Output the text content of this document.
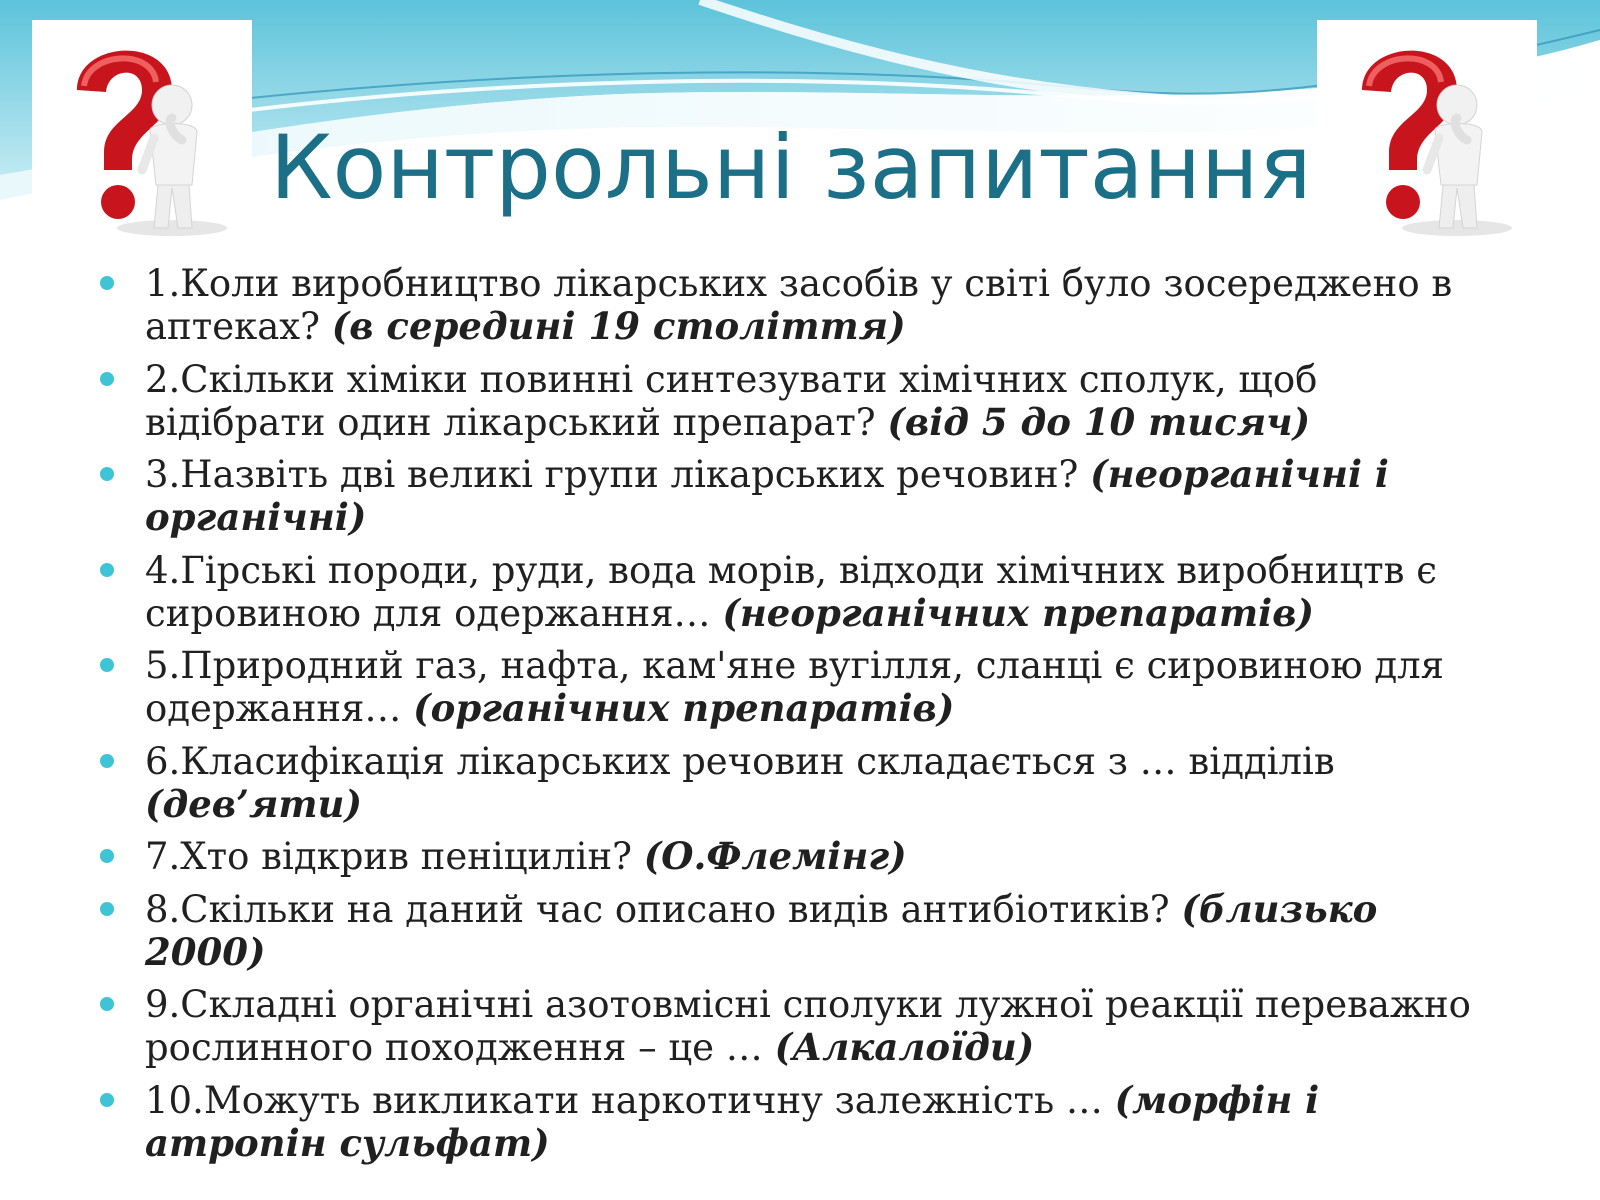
Контрольні запитання
1.Коли виробництво лікарських засобів у світі було зосереджено в аптеках? (в середині 19 століття)
2.Скільки хіміки повинні синтезувати хімічних сполук, щоб відібрати один лікарський препарат? (від 5 до 10 тисяч)
3.Назвіть дві великі групи лікарських речовин? (неорганічні і органічні)
4.Гірські породи, руди, вода морів, відходи хімічних виробництв є сировиною для одержання… (неорганічних препаратів)
5.Природний газ, нафта, кам'яне вугілля, сланці є сировиною для одержання… (органічних препаратів)
6.Класифікація лікарських речовин складається з … відділів (дев’яти)
7.Хто відкрив пеніцилін? (О.Флемінг)
8.Скільки на даний час описано видів антибіотиків? (близько 2000)
9.Складні органічні азотовмісні сполуки лужної реакції переважно рослинного походження – це … (Алкалоїди)
10.Можуть викликати наркотичну залежність … (морфін і атропін сульфат)
